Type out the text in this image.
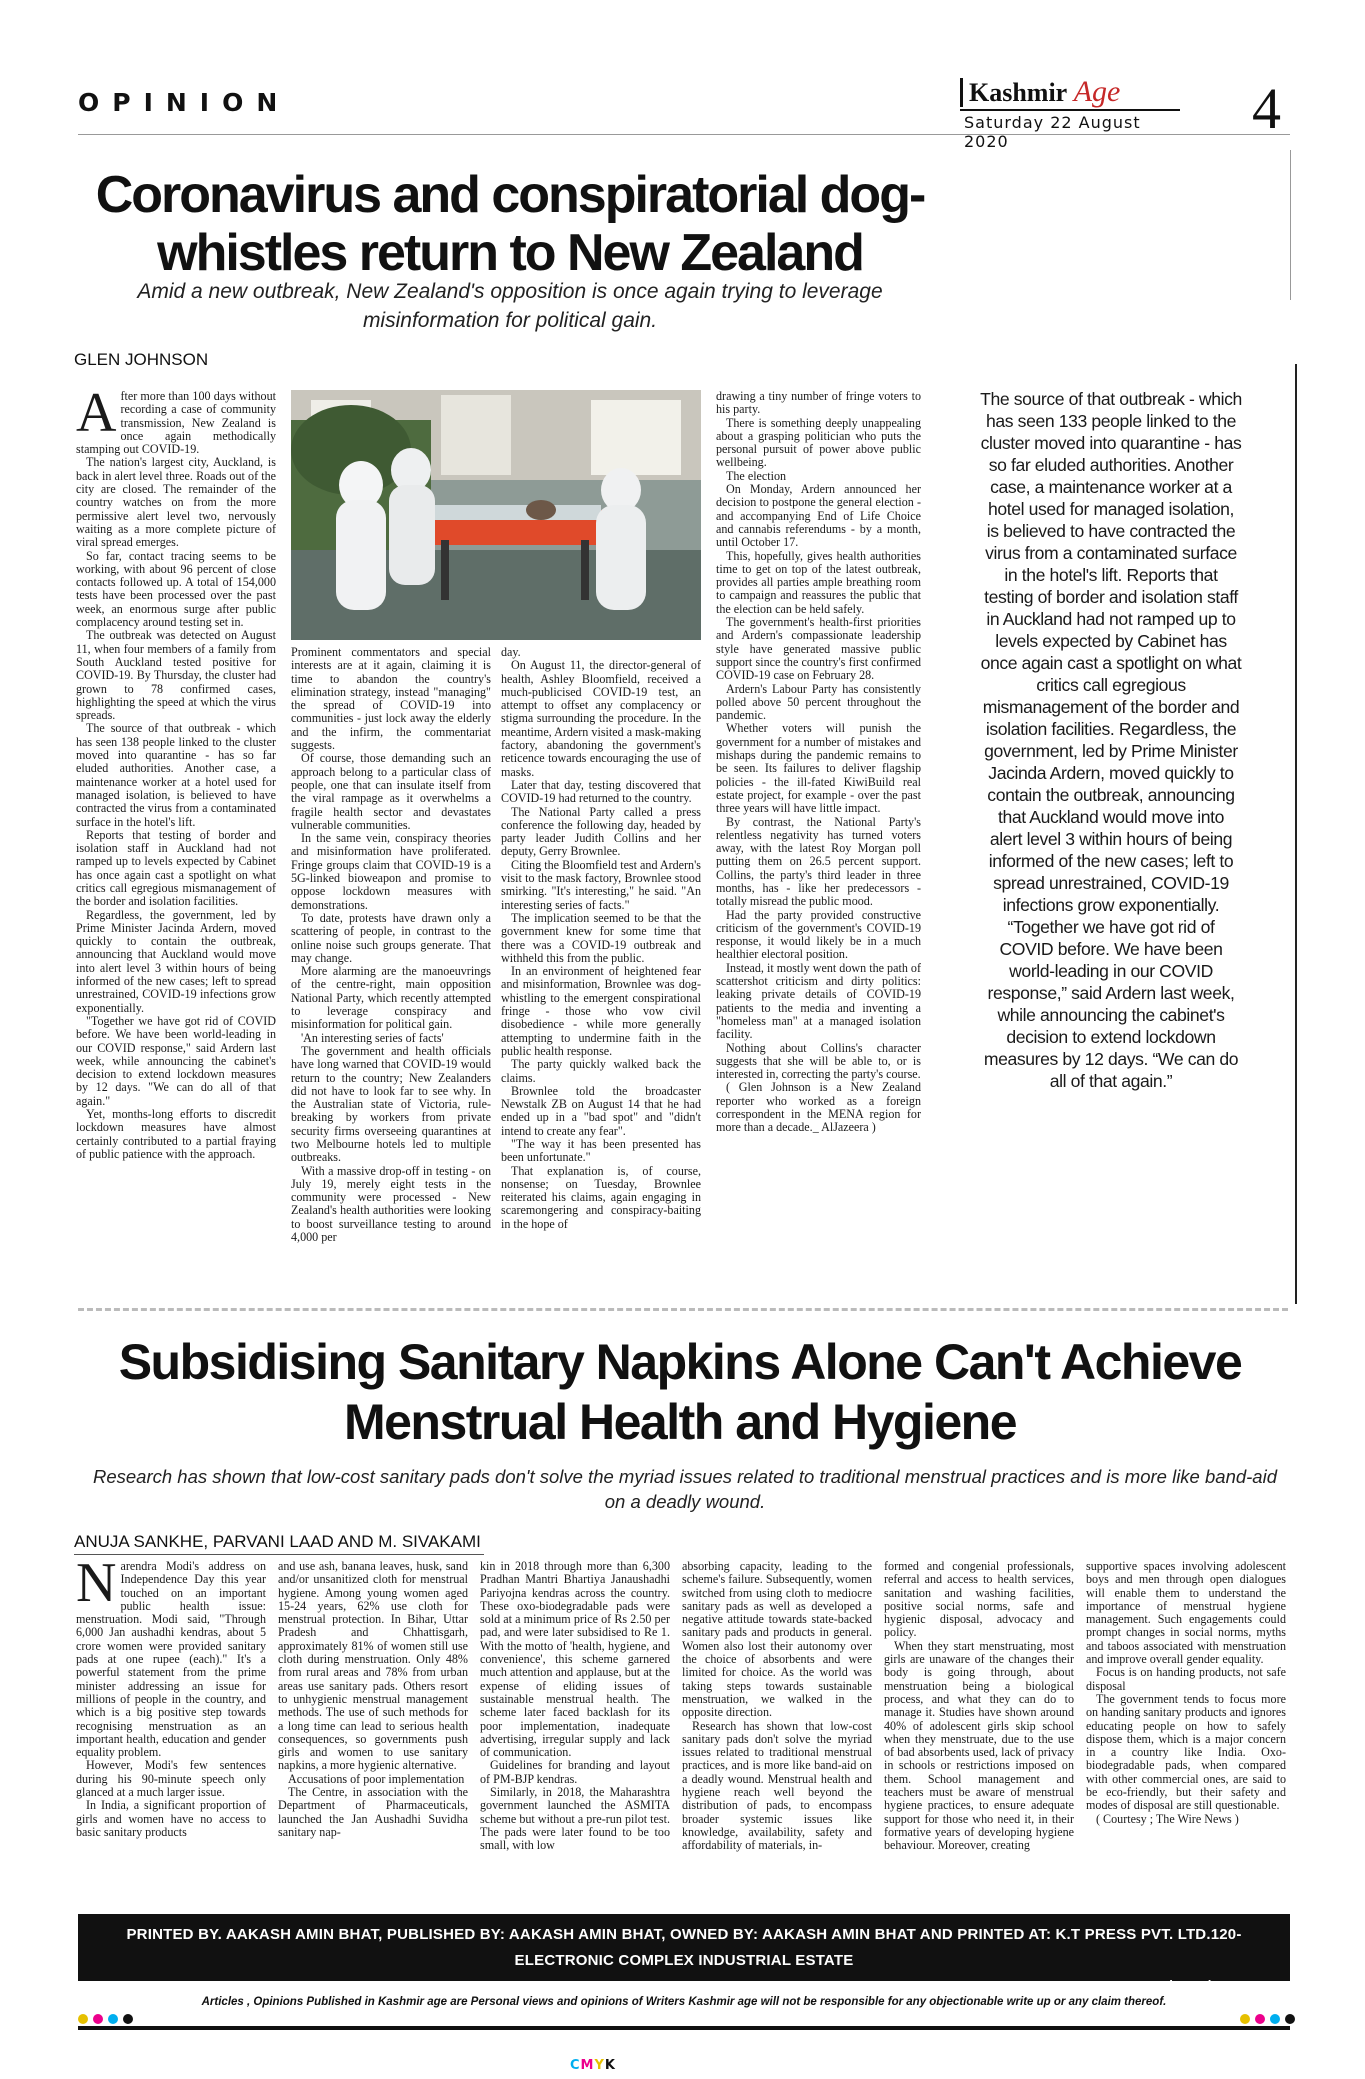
OPINION	Kashmir Age
Saturday 22 August 2020
4
Coronavirus and conspiratorial dog-whistles return to New Zealand
Amid a new outbreak, New Zealand's opposition is once again trying to leverage misinformation for political gain.
GLEN JOHNSON

After more than 100 days without recording a case of community transmission, New Zealand is once again methodically stamping out COVID-19.

The nation's largest city, Auckland, is back in alert level three. Roads out of the city are closed. The remainder of the country watches on from the more permissive alert level two, nervously waiting as a more complete picture of viral spread emerges.

So far, contact tracing seems to be working, with about 96 percent of close contacts followed up. A total of 154,000 tests have been processed over the past week, an enormous surge after public complacency around testing set in.

The outbreak was detected on August 11, when four members of a family from South Auckland tested positive for COVID-19. By Thursday, the cluster had grown to 78 confirmed cases, highlighting the speed at which the virus spreads.

The source of that outbreak - which has seen 138 people linked to the cluster moved into quarantine - has so far eluded authorities. Another case, a maintenance worker at a hotel used for managed isolation, is believed to have contracted the virus from a contaminated surface in the hotel's lift.

Reports that testing of border and isolation staff in Auckland had not ramped up to levels expected by Cabinet has once again cast a spotlight on what critics call egregious mismanagement of the border and isolation facilities.

Regardless, the government, led by Prime Minister Jacinda Ardern, moved quickly to contain the outbreak, announcing that Auckland would move into alert level 3 within hours of being informed of the new cases; left to spread unrestrained, COVID-19 infections grow exponentially.

"Together we have got rid of COVID before. We have been world-leading in our COVID response," said Ardern last week, while announcing the cabinet's decision to extend lockdown measures by 12 days. "We can do all of that again."

Yet, months-long efforts to discredit lockdown measures have almost certainly contributed to a partial fraying of public patience with the approach.

Prominent commentators and special interests are at it again, claiming it is time to abandon the country's elimination strategy, instead "managing" the spread of COVID-19 into communities - just lock away the elderly and the infirm, the commentariat suggests.

Of course, those demanding such an approach belong to a particular class of people, one that can insulate itself from the viral rampage as it overwhelms a fragile health sector and devastates vulnerable communities.

In the same vein, conspiracy theories and misinformation have proliferated. Fringe groups claim that COVID-19 is a 5G-linked bioweapon and promise to oppose lockdown measures with demonstrations.

To date, protests have drawn only a scattering of people, in contrast to the online noise such groups generate. That may change.

More alarming are the manoeuvrings of the centre-right, main opposition National Party, which recently attempted to leverage conspiracy and misinformation for political gain.

'An interesting series of facts'

The government and health officials have long warned that COVID-19 would return to the country; New Zealanders did not have to look far to see why. In the Australian state of Victoria, rule-breaking by workers from private security firms overseeing quarantines at two Melbourne hotels led to multiple outbreaks.

With a massive drop-off in testing - on July 19, merely eight tests in the community were processed - New Zealand's health authorities were looking to boost surveillance testing to around 4,000 per

day.

On August 11, the director-general of health, Ashley Bloomfield, received a much-publicised COVID-19 test, an attempt to offset any complacency or stigma surrounding the procedure. In the meantime, Ardern visited a mask-making factory, abandoning the government's reticence towards encouraging the use of masks.

Later that day, testing discovered that COVID-19 had returned to the country.

The National Party called a press conference the following day, headed by party leader Judith Collins and her deputy, Gerry Brownlee.

Citing the Bloomfield test and Ardern's visit to the mask factory, Brownlee stood smirking. "It's interesting," he said. "An interesting series of facts."

The implication seemed to be that the government knew for some time that there was a COVID-19 outbreak and withheld this from the public.

In an environment of heightened fear and misinformation, Brownlee was dog-whistling to the emergent conspirational fringe - those who vow civil disobedience - while more generally attempting to undermine faith in the public health response.

The party quickly walked back the claims.

Brownlee told the broadcaster Newstalk ZB on August 14 that he had ended up in a "bad spot" and "didn't intend to create any fear".

"The way it has been presented has been unfortunate."

That explanation is, of course, nonsense; on Tuesday, Brownlee reiterated his claims, again engaging in scaremongering and conspiracy-baiting in the hope of

drawing a tiny number of fringe voters to his party.

There is something deeply unappealing about a grasping politician who puts the personal pursuit of power above public wellbeing.

The election

On Monday, Ardern announced her decision to postpone the general election - and accompanying End of Life Choice and cannabis referendums - by a month, until October 17.

This, hopefully, gives health authorities time to get on top of the latest outbreak, provides all parties ample breathing room to campaign and reassures the public that the election can be held safely.

The government's health-first priorities and Ardern's compassionate leadership style have generated massive public support since the country's first confirmed COVID-19 case on February 28.

Ardern's Labour Party has consistently polled above 50 percent throughout the pandemic.

Whether voters will punish the government for a number of mistakes and mishaps during the pandemic remains to be seen. Its failures to deliver flagship policies - the ill-fated KiwiBuild real estate project, for example - over the past three years will have little impact.

By contrast, the National Party's relentless negativity has turned voters away, with the latest Roy Morgan poll putting them on 26.5 percent support. Collins, the party's third leader in three months, has - like her predecessors - totally misread the public mood.

Had the party provided constructive criticism of the government's COVID-19 response, it would likely be in a much healthier electoral position.

Instead, it mostly went down the path of scattershot criticism and dirty politics: leaking private details of COVID-19 patients to the media and inventing a "homeless man" at a managed isolation facility.

Nothing about Collins's character suggests that she will be able to, or is interested in, correcting the party's course.

( Glen Johnson is a New Zealand reporter who worked as a foreign correspondent in the MENA region for more than a decade._ AlJazeera )

The source of that outbreak - which has seen 133 people linked to the cluster moved into quarantine - has so far eluded authorities. Another case, a maintenance worker at a hotel used for managed isolation, is believed to have contracted the virus from a contaminated surface in the hotel's lift. Reports that testing of border and isolation staff in Auckland had not ramped up to levels expected by Cabinet has once again cast a spotlight on what critics call egregious mismanagement of the border and isolation facilities. Regardless, the government, led by Prime Minister Jacinda Ardern, moved quickly to contain the outbreak, announcing that Auckland would move into alert level 3 within hours of being informed of the new cases; left to spread unrestrained, COVID-19 infections grow exponentially. “Together we have got rid of COVID before. We have been world-leading in our COVID response,” said Ardern last week, while announcing the cabinet's decision to extend lockdown measures by 12 days. “We can do all of that again.”
Subsidising Sanitary Napkins Alone Can't Achieve Menstrual Health and Hygiene
Research has shown that low-cost sanitary pads don't solve the myriad issues related to traditional menstrual practices and is more like band-aid on a deadly wound.
ANUJA SANKHE, PARVANI LAAD AND M. SIVAKAMI

Narendra Modi's address on Independence Day this year touched on an important public health issue: menstruation. Modi said, "Through 6,000 Jan aushadhi kendras, about 5 crore women were provided sanitary pads at one rupee (each)." It's a powerful statement from the prime minister addressing an issue for millions of people in the country, and which is a big positive step towards recognising menstruation as an important health, education and gender equality problem.

However, Modi's few sentences during his 90-minute speech only glanced at a much larger issue.

In India, a significant proportion of girls and women have no access to basic sanitary products

and use ash, banana leaves, husk, sand and/or unsanitized cloth for menstrual hygiene. Among young women aged 15-24 years, 62% use cloth for menstrual protection. In Bihar, Uttar Pradesh and Chhattisgarh, approximately 81% of women still use cloth during menstruation. Only 48% from rural areas and 78% from urban areas use sanitary pads. Others resort to unhygienic menstrual management methods. The use of such methods for a long time can lead to serious health consequences, so governments push girls and women to use sanitary napkins, a more hygienic alternative.

Accusations of poor implementation

The Centre, in association with the Department of Pharmaceuticals, launched the Jan Aushadhi Suvidha sanitary nap-

kin in 2018 through more than 6,300 Pradhan Mantri Bhartiya Janaushadhi Pariyojna kendras across the country. These oxo-biodegradable pads were sold at a minimum price of Rs 2.50 per pad, and were later subsidised to Re 1. With the motto of 'health, hygiene, and convenience', this scheme garnered much attention and applause, but at the expense of eliding issues of sustainable menstrual health. The scheme later faced backlash for its poor implementation, inadequate advertising, irregular supply and lack of communication.

Guidelines for branding and layout of PM-BJP kendras.

Similarly, in 2018, the Maharashtra government launched the ASMITA scheme but without a pre-run pilot test. The pads were later found to be too small, with low

absorbing capacity, leading to the scheme's failure. Subsequently, women switched from using cloth to mediocre sanitary pads as well as developed a negative attitude towards state-backed sanitary pads and products in general. Women also lost their autonomy over the choice of absorbents and were limited for choice. As the world was taking steps towards sustainable menstruation, we walked in the opposite direction.

Research has shown that low-cost sanitary pads don't solve the myriad issues related to traditional menstrual practices, and is more like band-aid on a deadly wound. Menstrual health and hygiene reach well beyond the distribution of pads, to encompass broader systemic issues like knowledge, availability, safety and affordability of materials, in-

formed and congenial professionals, referral and access to health services, sanitation and washing facilities, positive social norms, safe and hygienic disposal, advocacy and policy.

When they start menstruating, most girls are unaware of the changes their body is going through, about menstruation being a biological process, and what they can do to manage it. Studies have shown around 40% of adolescent girls skip school when they menstruate, due to the use of bad absorbents used, lack of privacy in schools or restrictions imposed on them. School management and teachers must be aware of menstrual hygiene practices, to ensure adequate support for those who need it, in their formative years of developing hygiene behaviour. Moreover, creating

supportive spaces involving adolescent boys and men through open dialogues will enable them to understand the importance of menstrual hygiene management. Such engagements could prompt changes in social norms, myths and taboos associated with menstruation and improve overall gender equality.

Focus is on handing products, not safe disposal

The government tends to focus more on handing sanitary products and ignores educating people on how to safely dispose them, which is a major concern in a country like India. Oxo-biodegradable pads, when compared with other commercial ones, are said to be eco-friendly, but their safety and modes of disposal are still questionable.

( Courtesy ; The Wire News )

PRINTED BY. AAKASH AMIN BHAT, PUBLISHED BY: AAKASH AMIN BHAT, OWNED BY: AAKASH AMIN BHAT AND PRINTED AT: K.T PRESS PVT. LTD.120- ELECTRONIC COMPLEX INDUSTRIAL ESTATE
RANGRETH BUDGAM, J&K. AND PUBLISHED AT: MEDIA ENCLAVE RESIDENCY ROAD SGR. 190001 J&K. EDITOR: AAKASH AMIN BHAT, JKENG/2006/23952
Articles , Opinions Published in Kashmir age are Personal views and opinions of Writers Kashmir age will not be responsible for any objectionable write up or any claim thereof.
CMYK
